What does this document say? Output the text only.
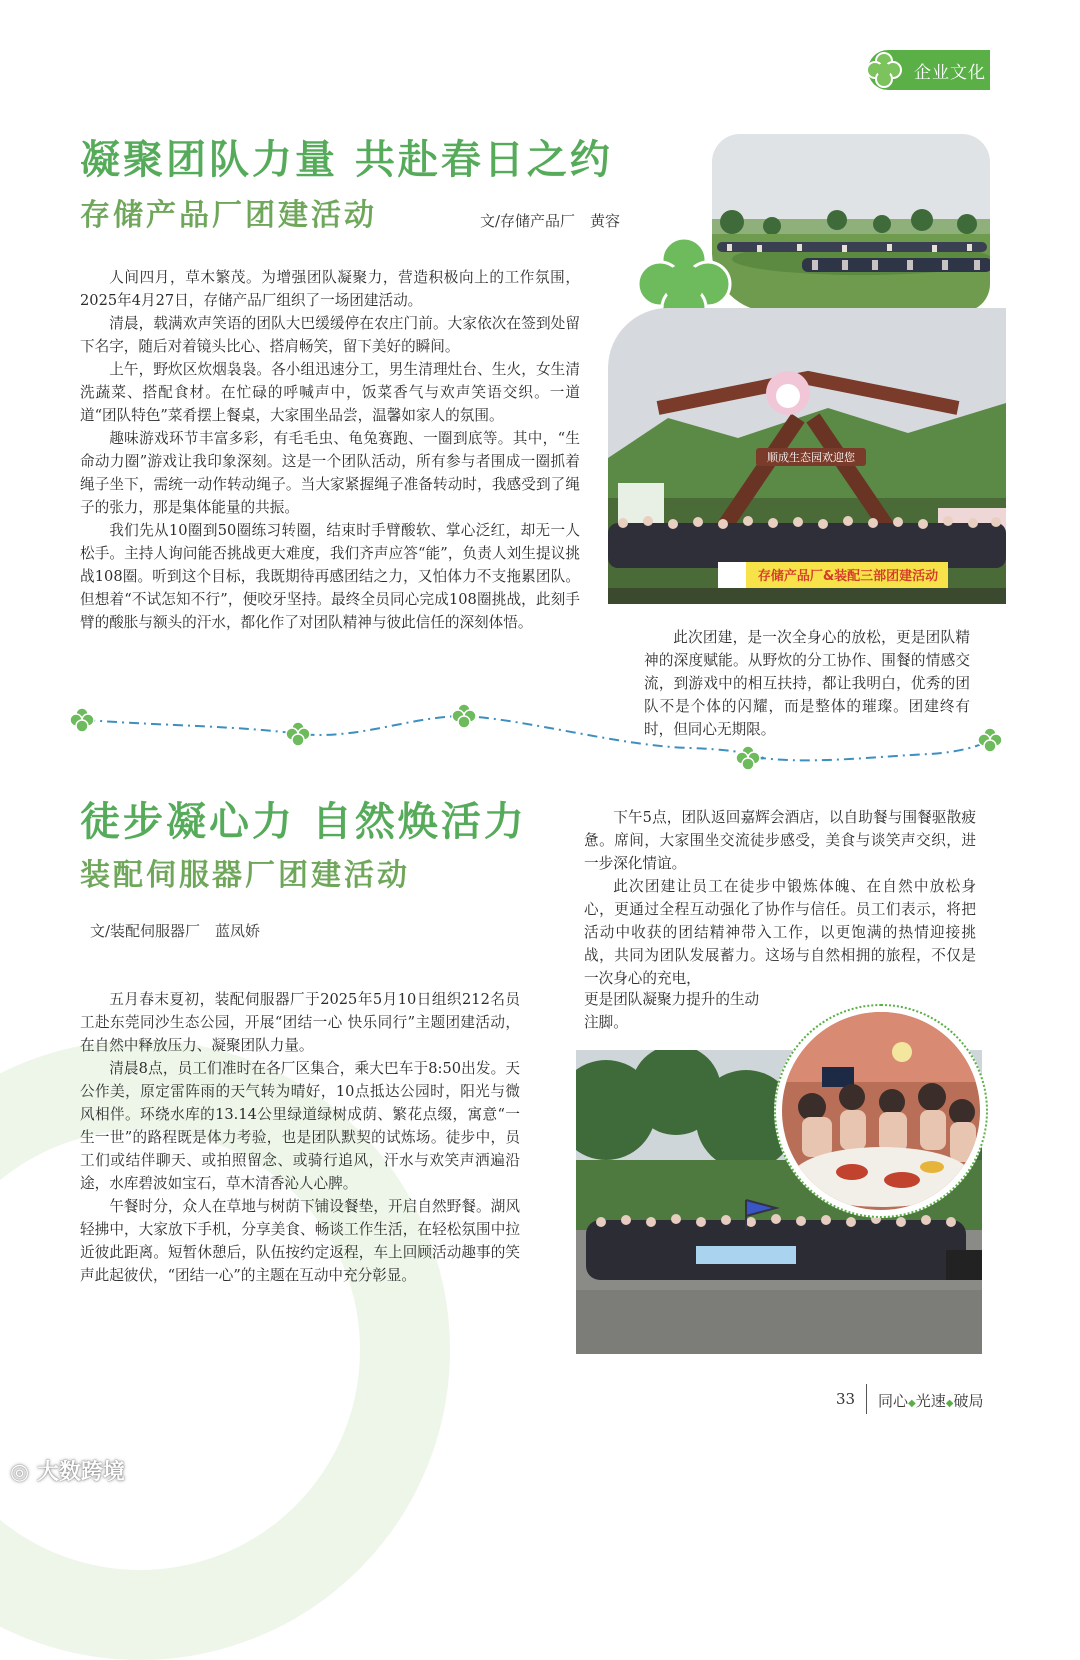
企业文化
凝聚团队力量 共赴春日之约
存储产品厂团建活动	文/存储产品厂　黄容

人间四月，草木繁茂。为增强团队凝聚力，营造积极向上的工作氛围，2025年4月27日，存储产品厂组织了一场团建活动。

清晨，载满欢声笑语的团队大巴缓缓停在农庄门前。大家依次在签到处留下名字，随后对着镜头比心、搭肩畅笑，留下美好的瞬间。

上午，野炊区炊烟袅袅。各小组迅速分工，男生清理灶台、生火，女生清洗蔬菜、搭配食材。在忙碌的呼喊声中，饭菜香气与欢声笑语交织。一道道“团队特色”菜肴摆上餐桌，大家围坐品尝，温馨如家人的氛围。

趣味游戏环节丰富多彩，有毛毛虫、龟兔赛跑、一圈到底等。其中，“生命动力圈”游戏让我印象深刻。这是一个团队活动，所有参与者围成一圈抓着绳子坐下，需统一动作转动绳子。当大家紧握绳子准备转动时，我感受到了绳子的张力，那是集体能量的共振。

我们先从10圈到50圈练习转圈，结束时手臂酸软、掌心泛红，却无一人松手。主持人询问能否挑战更大难度，我们齐声应答“能”，负责人刘生提议挑战108圈。听到这个目标，我既期待再感团结之力，又怕体力不支拖累团队。但想着“不试怎知不行”，便咬牙坚持。最终全员同心完成108圈挑战，此刻手臂的酸胀与额头的汗水，都化作了对团队精神与彼此信任的深刻体悟。

顺成生态园欢迎您
存储产品厂&装配三部团建活动

此次团建，是一次全身心的放松，更是团队精神的深度赋能。从野炊的分工协作、围餐的情感交流，到游戏中的相互扶持，都让我明白，优秀的团队不是个体的闪耀，而是整体的璀璨。团建终有时，但同心无期限。

徒步凝心力 自然焕活力
装配伺服器厂团建活动
文/装配伺服器厂　蓝凤娇

五月春末夏初，装配伺服器厂于2025年5月10日组织212名员工赴东莞同沙生态公园，开展“团结一心 快乐同行”主题团建活动，在自然中释放压力、凝聚团队力量。

清晨8点，员工们准时在各厂区集合，乘大巴车于8:50出发。天公作美，原定雷阵雨的天气转为晴好，10点抵达公园时，阳光与微风相伴。环绕水库的13.14公里绿道绿树成荫、繁花点缀，寓意“一生一世”的路程既是体力考验，也是团队默契的试炼场。徒步中，员工们或结伴聊天、或拍照留念、或骑行追风，汗水与欢笑声洒遍沿途，水库碧波如宝石，草木清香沁人心脾。

午餐时分，众人在草地与树荫下铺设餐垫，开启自然野餐。湖风轻拂中，大家放下手机，分享美食、畅谈工作生活，在轻松氛围中拉近彼此距离。短暂休憩后，队伍按约定返程，车上回顾活动趣事的笑声此起彼伏，“团结一心”的主题在互动中充分彰显。

下午5点，团队返回嘉辉会酒店，以自助餐与围餐驱散疲惫。席间，大家围坐交流徒步感受，美食与谈笑声交织，进一步深化情谊。

此次团建让员工在徒步中锻炼体魄、在自然中放松身心，更通过全程互动强化了协作与信任。员工们表示，将把活动中收获的团结精神带入工作，以更饱满的热情迎接挑战，共同为团队发展蓄力。这场与自然相拥的旅程，不仅是一次身心的充电，

更是团队凝聚力提升的生动
注脚。
33 同心◆光速◆破局
◎ 大数跨境
